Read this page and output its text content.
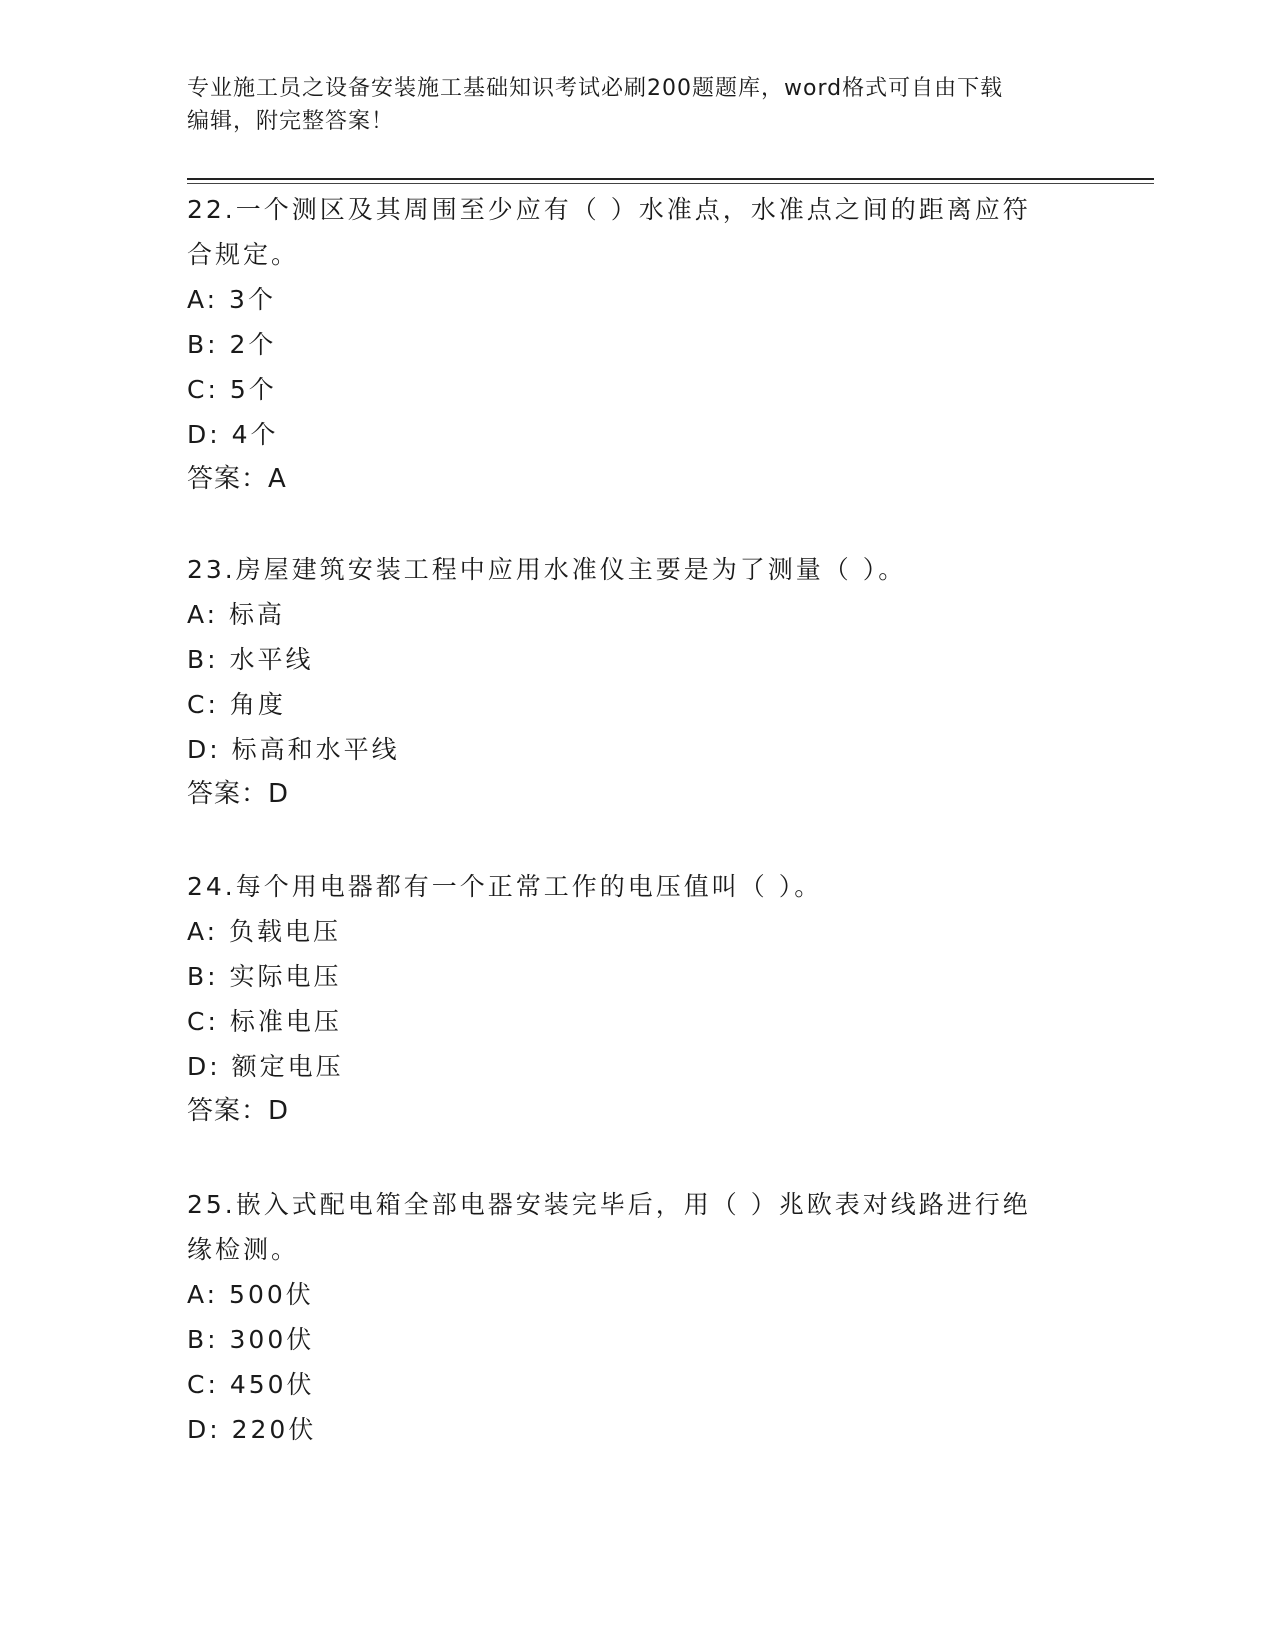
专业施工员之设备安装施工基础知识考试必刷200题题库，word格式可自由下载
编辑，附完整答案！
22.一个测区及其周围至少应有（ ）水准点，水准点之间的距离应符
合规定。
A: 3个
B: 2个
C: 5个
D: 4个
答案：A
23.房屋建筑安装工程中应用水准仪主要是为了测量（ ）。
A: 标高
B: 水平线
C: 角度
D: 标高和水平线
答案：D
24.每个用电器都有一个正常工作的电压值叫（ ）。
A: 负载电压
B: 实际电压
C: 标准电压
D: 额定电压
答案：D
25.嵌入式配电箱全部电器安装完毕后，用（ ）兆欧表对线路进行绝
缘检测。
A: 500伏
B: 300伏
C: 450伏
D: 220伏
